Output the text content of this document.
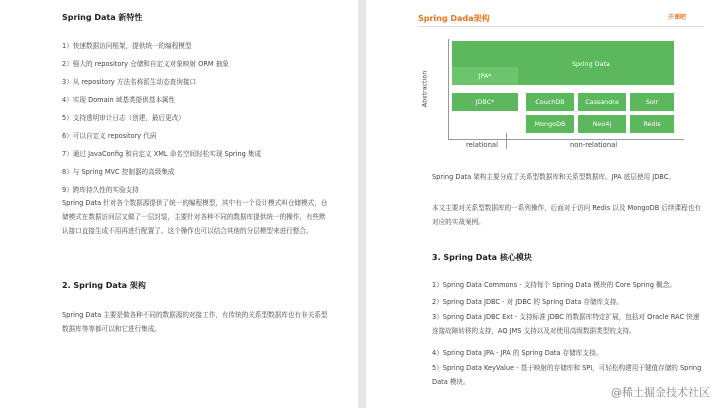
Spring Data 新特性
1）快速数据访问框架，提供统一的编程模型
2）强大的 repository 仓储和自定义对象映射 ORM 抽象
3）从 repository 方法名称派生动态查询接口
4）实现 Domain 域基类提供基本属性
5）支持透明审计日志（创建，最后更改）
6）可以自定义 repository 代码
7）通过 JavaConfig 和自定义 XML 命名空间轻松实现 Spring 集成
8）与 Spring MVC 控制器的高级集成
9）跨库持久性的实验支持
Spring Data 针对各个数据源提供了统一的编程模型，其中有一个设计模式叫仓储模式，仓储模式在数据访问层又做了一层封装，主要针对各种不同的数据库提供统一的操作，有些默认接口直接生成不用再进行配置了。这个操作也可以结合其他的分层模型来进行整合。
2. Spring Data 架构
Spring Data 主要是做各种不同的数据源的对接工作，有传统的关系型数据库也有非关系型数据库等等都可以和它进行集成。
Spring Dada架构	开课吧
Abstraction
Spring Data
JPA*
JDBC*	CouchDB	Cassandra	Solr
MongoDB	Neo4j	Redis
relational	non-relational
Spring Data 架构主要分成了关系型数据库和关系型数据库。JPA 底层使用 JDBC。
本文主要对关系型数据库的一系列操作，后面对于访问 Redis 以及 MongoDB 后续课程也有对应的实战案例。
3. Spring Data 核心模块
1）Spring Data Commons - 支持每个 Spring Data 模块的 Core Spring 概念。
2）Spring Data JDBC - 对 JDBC 的 Spring Data 存储库支持。
3）Spring Data JDBC Ext - 支持标准 JDBC 的数据库特定扩展，包括对 Oracle RAC 快速连接故障转移的支持，AQ JMS 支持以及对使用高级数据类型的支持。
4）Spring Data JPA - JPA 的 Spring Data 存储库支持。
5）Spring Data KeyValue - 基于映射的存储库和 SPI，可轻松构建用于键值存储的 Spring Data 模块。
@稀土掘金技术社区
